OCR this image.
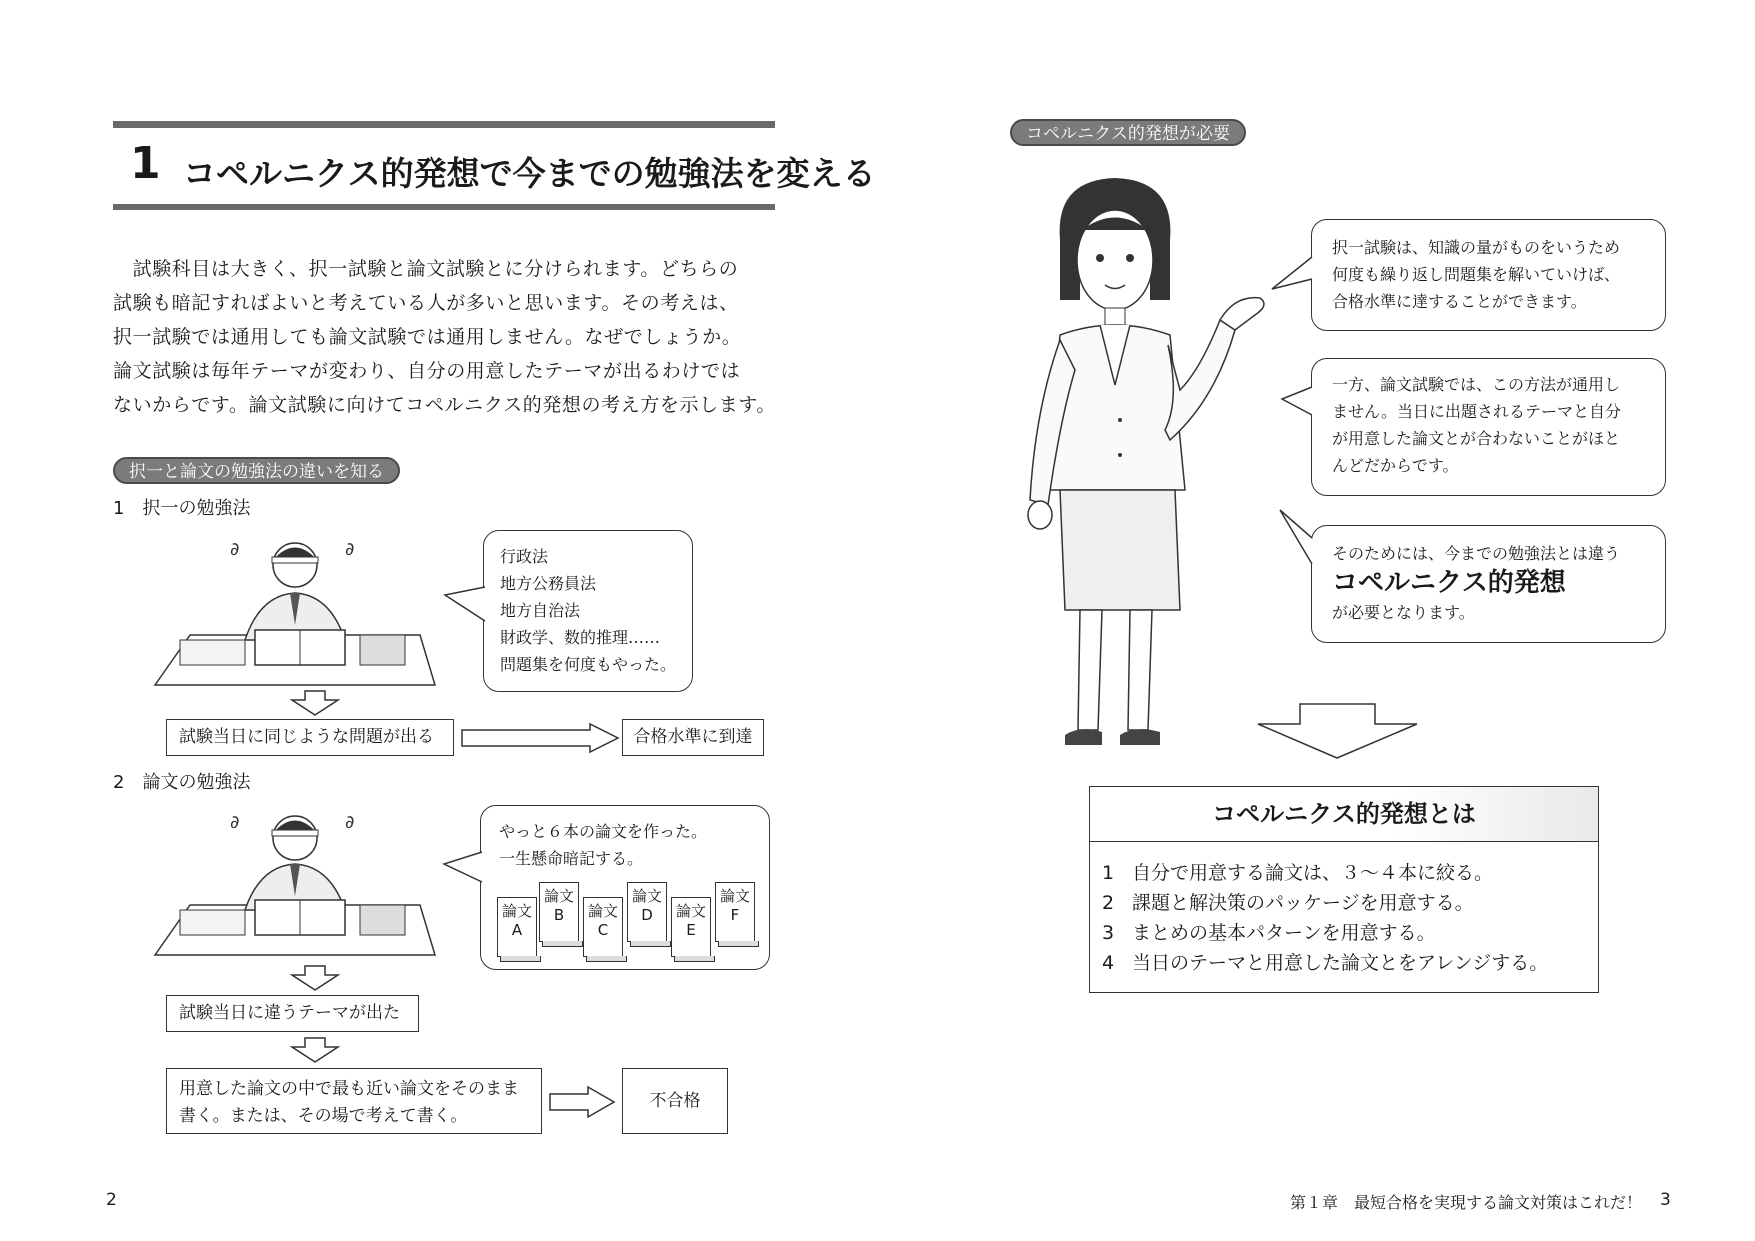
1 コペルニクス的発想で今までの勉強法を変える

　試験科目は大きく、択一試験と論文試験とに分けられます。どちらの

試験も暗記すればよいと考えている人が多いと思います。その考えは、

択一試験では通用しても論文試験では通用しません。なぜでしょうか。

論文試験は毎年テーマが変わり、自分の用意したテーマが出るわけでは

ないからです。論文試験に向けてコペルニクス的発想の考え方を示します。

択一と論文の勉強法の違いを知る
1　択一の勉強法
∂	∂	行政法
地方公務員法
地方自治法
財政学、数的推理……
問題集を何度もやった。
試験当日に同じような問題が出る	合格水準に到達
2　論文の勉強法
∂	∂	やっと６本の論文を作った。
一生懸命暗記する。
論文
A
論文
B	論文
C
論文
D	論文
E
論文
F
試験当日に違うテーマが出た
用意した論文の中で最も近い論文をそのまま
書く。または、その場で考えて書く。
不合格
2
コペルニクス的発想が必要
択一試験は、知識の量がものをいうため
何度も繰り返し問題集を解いていけば、
合格水準に達することができます。
一方、論文試験では、この方法が通用し
ません。当日に出題されるテーマと自分
が用意した論文とが合わないことがほと
んどだからです。
そのためには、今までの勉強法とは違う
コペルニクス的発想
が必要となります。
コペルニクス的発想とは
1 自分で用意する論文は、３～４本に絞る。
2 課題と解決策のパッケージを用意する。
3 まとめの基本パターンを用意する。
4 当日のテーマと用意した論文とをアレンジする。
第１章　最短合格を実現する論文対策はこれだ！ 3
